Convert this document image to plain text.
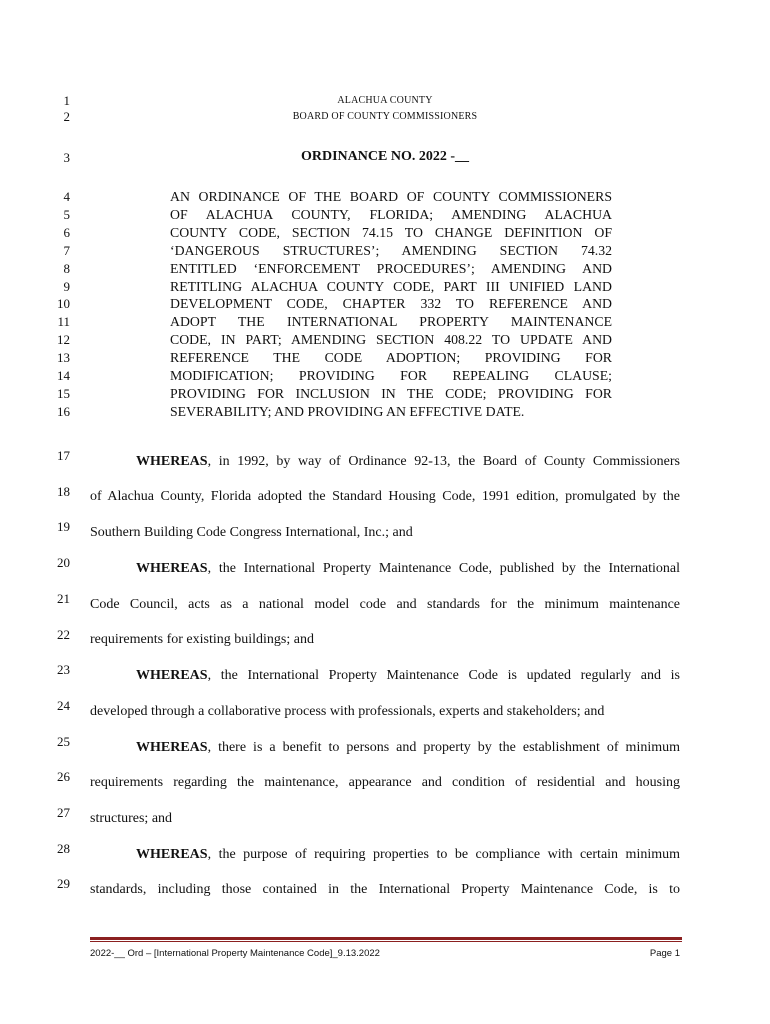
1
2
3
4
5
6
7
8
9
10
11
12
13
14
15
16
17
18
19
20
21
22
23
24
25
26
27
28
29
ALACHUA COUNTY
BOARD OF COUNTY COMMISSIONERS
ORDINANCE NO. 2022 -__
AN ORDINANCE OF THE BOARD OF COUNTY COMMISSIONERS
OF ALACHUA COUNTY, FLORIDA; AMENDING ALACHUA
COUNTY CODE, SECTION 74.15 TO CHANGE DEFINITION OF
‘DANGEROUS STRUCTURES’; AMENDING SECTION 74.32
ENTITLED ‘ENFORCEMENT PROCEDURES’; AMENDING AND
RETITLING ALACHUA COUNTY CODE, PART III UNIFIED LAND
DEVELOPMENT CODE, CHAPTER 332 TO REFERENCE AND
ADOPT THE INTERNATIONAL PROPERTY MAINTENANCE
CODE, IN PART; AMENDING SECTION 408.22 TO UPDATE AND
REFERENCE THE CODE ADOPTION; PROVIDING FOR
MODIFICATION; PROVIDING FOR REPEALING CLAUSE;
PROVIDING FOR INCLUSION IN THE CODE; PROVIDING FOR
SEVERABILITY; AND PROVIDING AN EFFECTIVE DATE.
WHEREAS, in 1992, by way of Ordinance 92-13, the Board of County Commissioners
of Alachua County, Florida adopted the Standard Housing Code, 1991 edition, promulgated by the
Southern Building Code Congress International, Inc.; and
WHEREAS, the International Property Maintenance Code, published by the International
Code Council, acts as a national model code and standards for the minimum maintenance
requirements for existing buildings; and
WHEREAS, the International Property Maintenance Code is updated regularly and is
developed through a collaborative process with professionals, experts and stakeholders; and
WHEREAS, there is a benefit to persons and property by the establishment of minimum
requirements regarding the maintenance, appearance and condition of residential and housing
structures; and
WHEREAS, the purpose of requiring properties to be compliance with certain minimum
standards, including those contained in the International Property Maintenance Code, is to
2022-__ Ord – [International Property Maintenance Code]_9.13.2022	Page 1
